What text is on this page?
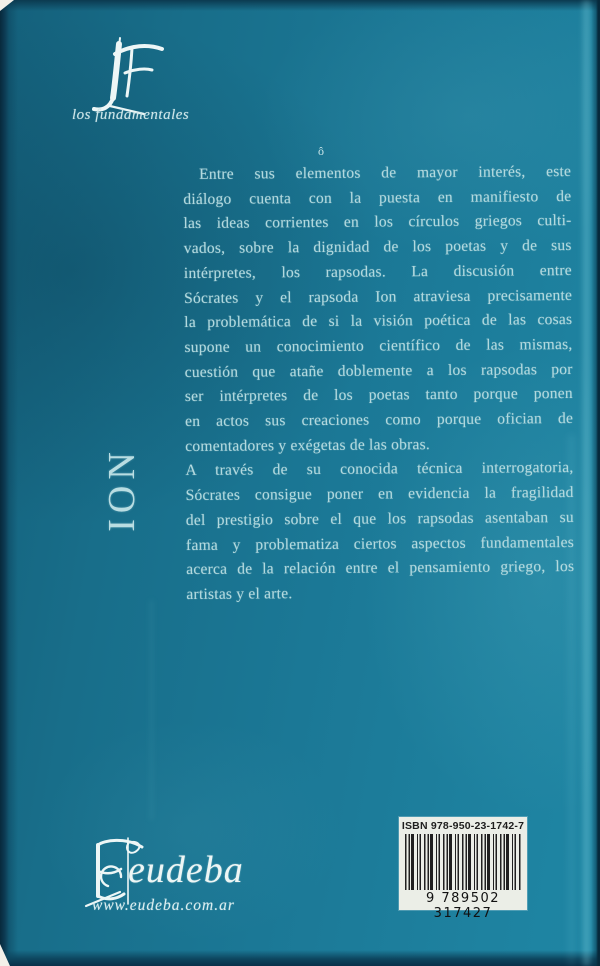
los fundamentales
ô
Entre sus elementos de mayor interés, este
diálogo cuenta con la puesta en manifiesto de
las ideas corrientes en los círculos griegos culti-
vados, sobre la dignidad de los poetas y de sus
intérpretes, los rapsodas. La discusión entre
Sócrates y el rapsoda Ion atraviesa precisamente
la problemática de si la visión poética de las cosas
supone un conocimiento científico de las mismas,
cuestión que atañe doblemente a los rapsodas por
ser intérpretes de los poetas tanto porque ponen
en actos sus creaciones como porque ofician de
comentadores y exégetas de las obras.
A través de su conocida técnica interrogatoria,
Sócrates consigue poner en evidencia la fragilidad
del prestigio sobre el que los rapsodas asentaban su
fama y problematiza ciertos aspectos fundamentales
acerca de la relación entre el pensamiento griego, los
artistas y el arte.
ION
eudeba
www.eudeba.com.ar
ISBN 978-950-23-1742-7
9 789502 317427
